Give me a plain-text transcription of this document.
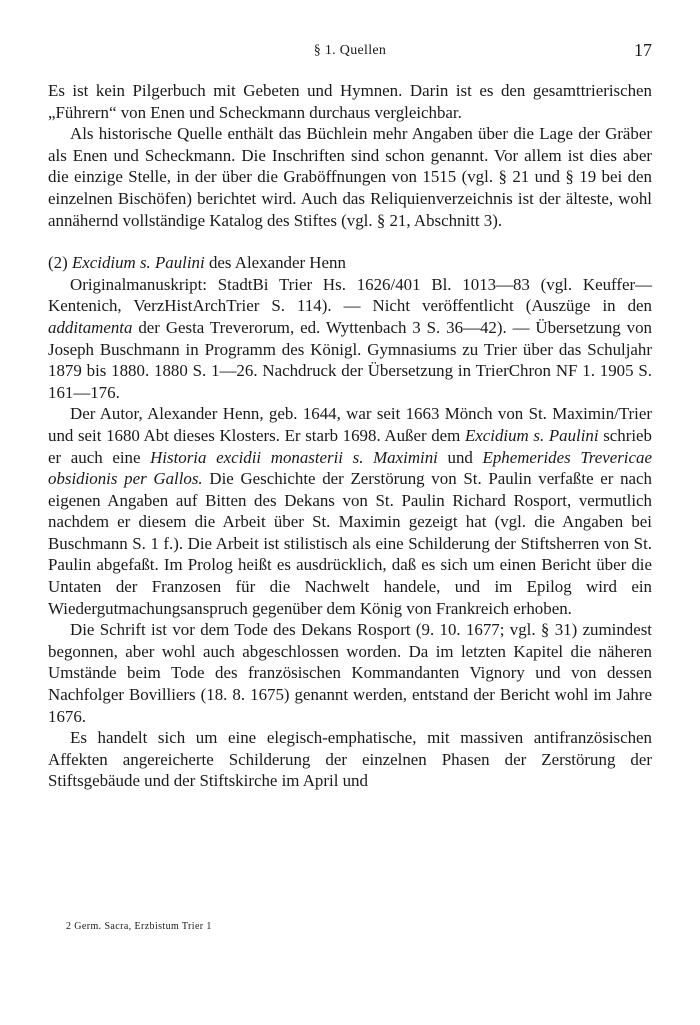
§ 1. Quellen	17

Es ist kein Pilgerbuch mit Gebeten und Hymnen. Darin ist es den gesamttrierischen „Führern“ von Enen und Scheckmann durchaus vergleichbar.

Als historische Quelle enthält das Büchlein mehr Angaben über die Lage der Gräber als Enen und Scheckmann. Die Inschriften sind schon genannt. Vor allem ist dies aber die einzige Stelle, in der über die Graböffnungen von 1515 (vgl. § 21 und § 19 bei den einzelnen Bischöfen) berichtet wird. Auch das Reliquienverzeichnis ist der älteste, wohl annähernd vollständige Katalog des Stiftes (vgl. § 21, Abschnitt 3).

(2) Excidium s. Paulini des Alexander Henn

Originalmanuskript: StadtBi Trier Hs. 1626/401 Bl. 1013—83 (vgl. Keuffer—Kentenich, VerzHistArchTrier S. 114). — Nicht veröffentlicht (Auszüge in den additamenta der Gesta Treverorum, ed. Wyttenbach 3 S. 36—42). — Übersetzung von Joseph Buschmann in Programm des Königl. Gymnasiums zu Trier über das Schuljahr 1879 bis 1880. 1880 S. 1—26. Nachdruck der Übersetzung in TrierChron NF 1. 1905 S. 161—176.

Der Autor, Alexander Henn, geb. 1644, war seit 1663 Mönch von St. Maximin/Trier und seit 1680 Abt dieses Klosters. Er starb 1698. Außer dem Excidium s. Paulini schrieb er auch eine Historia excidii monasterii s. Maximini und Ephemerides Trevericae obsidionis per Gallos. Die Geschichte der Zerstörung von St. Paulin verfaßte er nach eigenen Angaben auf Bitten des Dekans von St. Paulin Richard Rosport, vermutlich nachdem er diesem die Arbeit über St. Maximin gezeigt hat (vgl. die Angaben bei Buschmann S. 1 f.). Die Arbeit ist stilistisch als eine Schilderung der Stiftsherren von St. Paulin abgefaßt. Im Prolog heißt es ausdrücklich, daß es sich um einen Bericht über die Untaten der Franzosen für die Nachwelt handele, und im Epilog wird ein Wiedergutmachungsanspruch gegenüber dem König von Frankreich erhoben.

Die Schrift ist vor dem Tode des Dekans Rosport (9. 10. 1677; vgl. § 31) zumindest begonnen, aber wohl auch abgeschlossen worden. Da im letzten Kapitel die näheren Umstände beim Tode des französischen Kommandanten Vignory und von dessen Nachfolger Bovilliers (18. 8. 1675) genannt werden, entstand der Bericht wohl im Jahre 1676.

Es handelt sich um eine elegisch-emphatische, mit massiven antifranzösischen Affekten angereicherte Schilderung der einzelnen Phasen der Zerstörung der Stiftsgebäude und der Stiftskirche im April und

2 Germ. Sacra, Erzbistum Trier 1
